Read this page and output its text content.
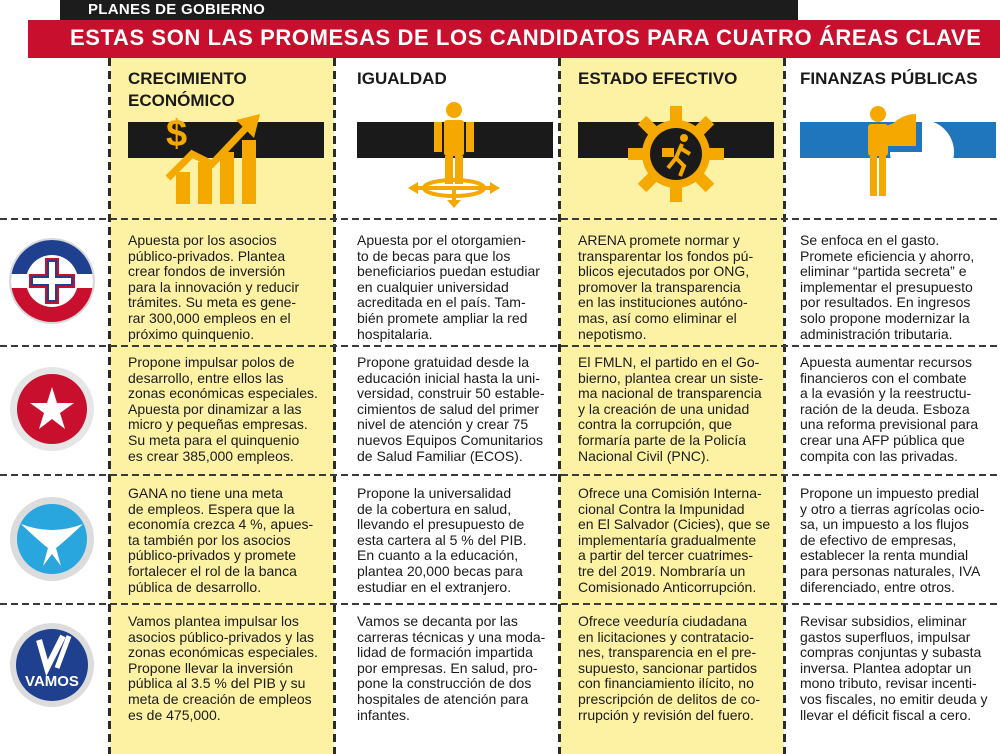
PLANES DE GOBIERNO
ESTAS SON LAS PROMESAS DE LOS CANDIDATOS PARA CUATRO ÁREAS CLAVE
CRECIMIENTO
ECONÓMICO
IGUALDAD	ESTADO EFECTIVO	FINANZAS PÚBLICAS
$
VAMOS
Apuesta por los asocios
público-privados. Plantea
crear fondos de inversión
para la innovación y reducir
trámites. Su meta es gene-
rar 300,000 empleos en el
próximo quinquenio.
Apuesta por el otorgamien-
to de becas para que los
beneficiarios puedan estudiar
en cualquier universidad
acreditada en el país. Tam-
bién promete ampliar la red
hospitalaria.
ARENA promete normar y
transparentar los fondos pú-
blicos ejecutados por ONG,
promover la transparencia
en las instituciones autóno-
mas, así como eliminar el
nepotismo.
Se enfoca en el gasto.
Promete eficiencia y ahorro,
eliminar “partida secreta” e
implementar el presupuesto
por resultados. En ingresos
solo propone modernizar la
administración tributaria.
Propone impulsar polos de
desarrollo, entre ellos las
zonas económicas especiales.
Apuesta por dinamizar a las
micro y pequeñas empresas.
Su meta para el quinquenio
es crear 385,000 empleos.
Propone gratuidad desde la
educación inicial hasta la uni-
versidad, construir 50 estable-
cimientos de salud del primer
nivel de atención y crear 75
nuevos Equipos Comunitarios
de Salud Familiar (ECOS).
El FMLN, el partido en el Go-
bierno, plantea crear un siste-
ma nacional de transparencia
y la creación de una unidad
contra la corrupción, que
formaría parte de la Policía
Nacional Civil (PNC).
Apuesta aumentar recursos
financieros con el combate
a la evasión y la reestructu-
ración de la deuda. Esboza
una reforma previsional para
crear una AFP pública que
compita con las privadas.
GANA no tiene una meta
de empleos. Espera que la
economía crezca 4 %, apues-
ta también por los asocios
público-privados y promete
fortalecer el rol de la banca
pública de desarrollo.
Propone la universalidad
de la cobertura en salud,
llevando el presupuesto de
esta cartera al 5 % del PIB.
En cuanto a la educación,
plantea 20,000 becas para
estudiar en el extranjero.
Ofrece una Comisión Interna-
cional Contra la Impunidad
en El Salvador (Cicies), que se
implementaría gradualmente
a partir del tercer cuatrimes-
tre del 2019. Nombraría un
Comisionado Anticorrupción.
Propone un impuesto predial
y otro a tierras agrícolas ocio-
sa, un impuesto a los flujos
de efectivo de empresas,
establecer la renta mundial
para personas naturales, IVA
diferenciado, entre otros.
Vamos plantea impulsar los
asocios público-privados y las
zonas económicas especiales.
Propone llevar la inversión
pública al 3.5 % del PIB y su
meta de creación de empleos
es de 475,000.
Vamos se decanta por las
carreras técnicas y una moda-
lidad de formación impartida
por empresas. En salud, pro-
pone la construcción de dos
hospitales de atención para
infantes.
Ofrece veeduría ciudadana
en licitaciones y contratacio-
nes, transparencia en el pre-
supuesto, sancionar partidos
con financiamiento ilícito, no
prescripción de delitos de co-
rrupción y revisión del fuero.
Revisar subsidios, eliminar
gastos superfluos, impulsar
compras conjuntas y subasta
inversa. Plantea adoptar un
mono tributo, revisar incenti-
vos fiscales, no emitir deuda y
llevar el déficit fiscal a cero.
